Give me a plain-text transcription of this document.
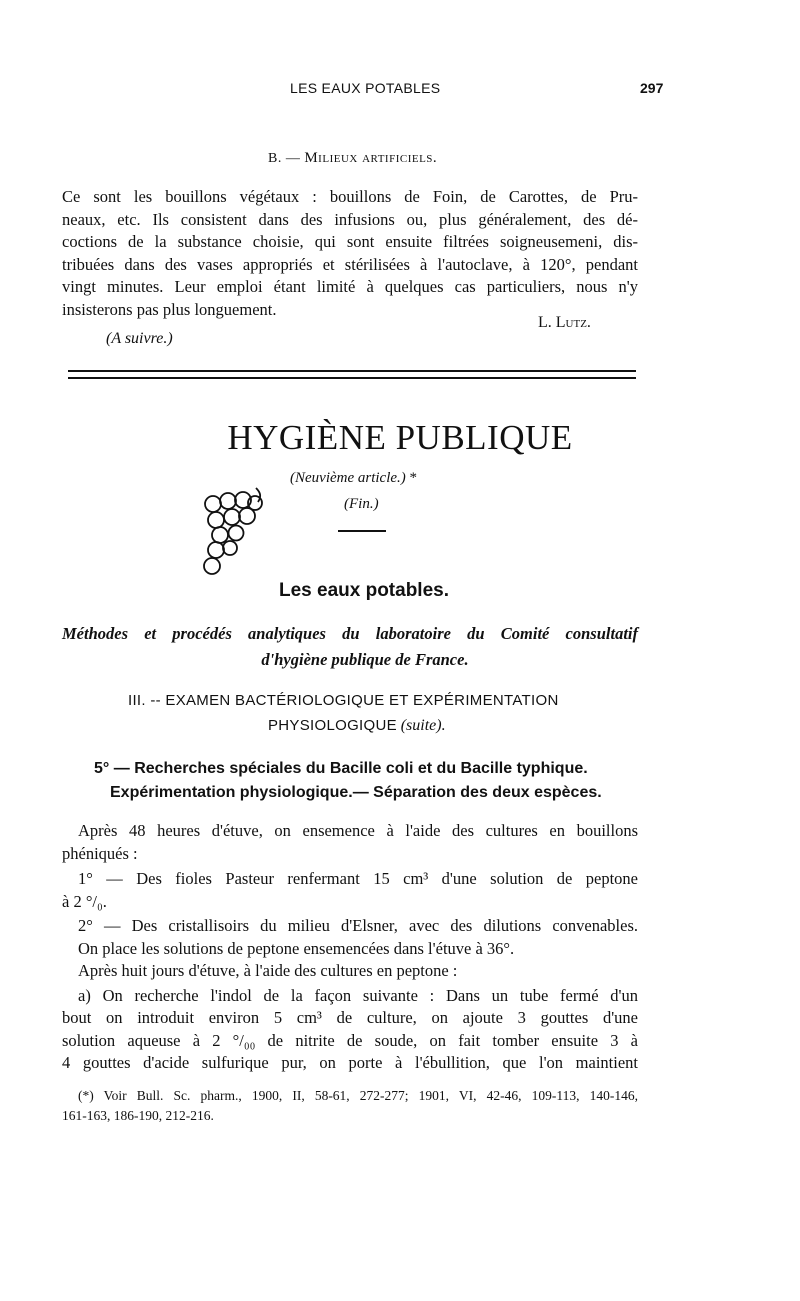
LES EAUX POTABLES	297
B. — Milieux artificiels.
Ce sont les bouillons végétaux : bouillons de Foin, de Carottes, de Pru-
neaux, etc. Ils consistent dans des infusions ou, plus généralement, des dé-
coctions de la substance choisie, qui sont ensuite filtrées soigneusemeni, dis-
tribuées dans des vases appropriés et stérilisées à l'autoclave, à 120°, pendant
vingt minutes. Leur emploi étant limité à quelques cas particuliers, nous n'y
insisterons pas plus longuement.
L. Lutz.
(A suivre.)
HYGIÈNE PUBLIQUE
(Neuvième article.) *
(Fin.)
Les eaux potables.
Méthodes et procédés analytiques du laboratoire du Comité consultatif
d'hygiène publique de France.
III. -- EXAMEN BACTÉRIOLOGIQUE ET EXPÉRIMENTATION
PHYSIOLOGIQUE (suite).
5° — Recherches spéciales du Bacille coli et du Bacille typhique.
Expérimentation physiologique.— Séparation des deux espèces.
Après 48 heures d'étuve, on ensemence à l'aide des cultures en bouillons
phéniqués :
1° — Des fioles Pasteur renfermant 15 cm³ d'une solution de peptone
à 2 °/₀.
2° — Des cristallisoirs du milieu d'Elsner, avec des dilutions convenables.
On place les solutions de peptone ensemencées dans l'étuve à 36°.
Après huit jours d'étuve, à l'aide des cultures en peptone :
a) On recherche l'indol de la façon suivante : Dans un tube fermé d'un
bout on introduit environ 5 cm³ de culture, on ajoute 3 gouttes d'une
solution aqueuse à 2 °/₀₀ de nitrite de soude, on fait tomber ensuite 3 à
4 gouttes d'acide sulfurique pur, on porte à l'ébullition, que l'on maintient
(*) Voir Bull. Sc. pharm., 1900, II, 58-61, 272-277; 1901, VI, 42-46, 109-113, 140-146,
161-163, 186-190, 212-216.
